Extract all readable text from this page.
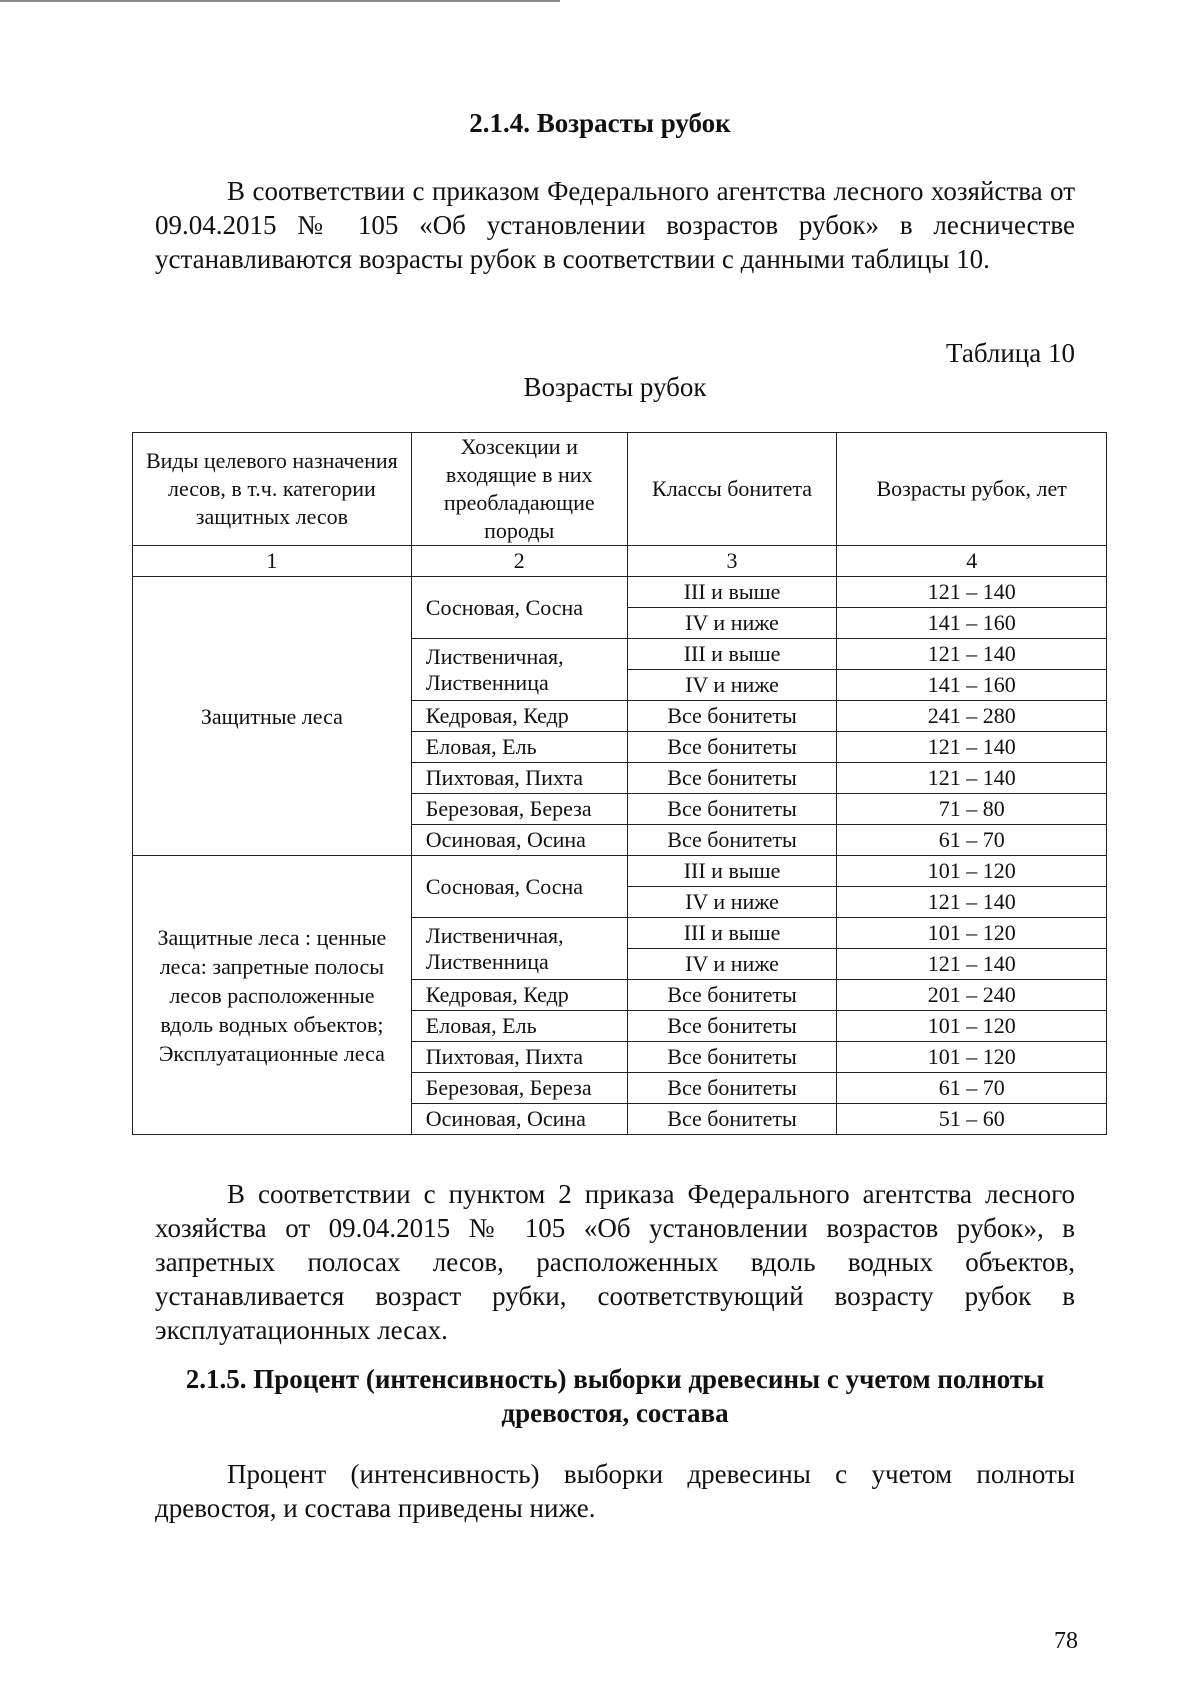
2.1.4. Возрасты рубок
В соответствии с приказом Федерального агентства лесного хозяйства от 09.04.2015 № 105 «Об установлении возрастов рубок» в лесничестве устанавливаются возрасты рубок в соответствии с данными таблицы 10.
Таблица 10
Возрасты рубок
Виды целевого назначения лесов, в т.ч. категории защитных лесов	Хозсекции и входящие в них преобладающие породы	Классы бонитета	Возрасты рубок, лет
1	2	3	4
Защитные леса	Сосновая, Сосна	III и выше	121 – 140
		IV и ниже	141 – 160
	Лиственичная, Лиственница	III и выше	121 – 140
		IV и ниже	141 – 160
	Кедровая, Кедр	Все бонитеты	241 – 280
	Еловая, Ель	Все бонитеты	121 – 140
	Пихтовая, Пихта	Все бонитеты	121 – 140
	Березовая, Береза	Все бонитеты	71 – 80
	Осиновая, Осина	Все бонитеты	61 – 70
Защитные леса : ценные леса: запретные полосы лесов расположенные вдоль водных объектов; Эксплуатационные леса	Сосновая, Сосна	III и выше	101 – 120
		IV и ниже	121 – 140
	Лиственичная, Лиственница	III и выше	101 – 120
		IV и ниже	121 – 140
	Кедровая, Кедр	Все бонитеты	201 – 240
	Еловая, Ель	Все бонитеты	101 – 120
	Пихтовая, Пихта	Все бонитеты	101 – 120
	Березовая, Береза	Все бонитеты	61 – 70
	Осиновая, Осина	Все бонитеты	51 – 60
В соответствии с пунктом 2 приказа Федерального агентства лесного хозяйства от 09.04.2015 № 105 «Об установлении возрастов рубок», в запретных полосах лесов, расположенных вдоль водных объектов, устанавливается возраст рубки, соответствующий возрасту рубок в эксплуатационных лесах.
2.1.5. Процент (интенсивность) выборки древесины с учетом полноты древостоя, состава
Процент (интенсивность) выборки древесины с учетом полноты древостоя, и состава приведены ниже.
78
